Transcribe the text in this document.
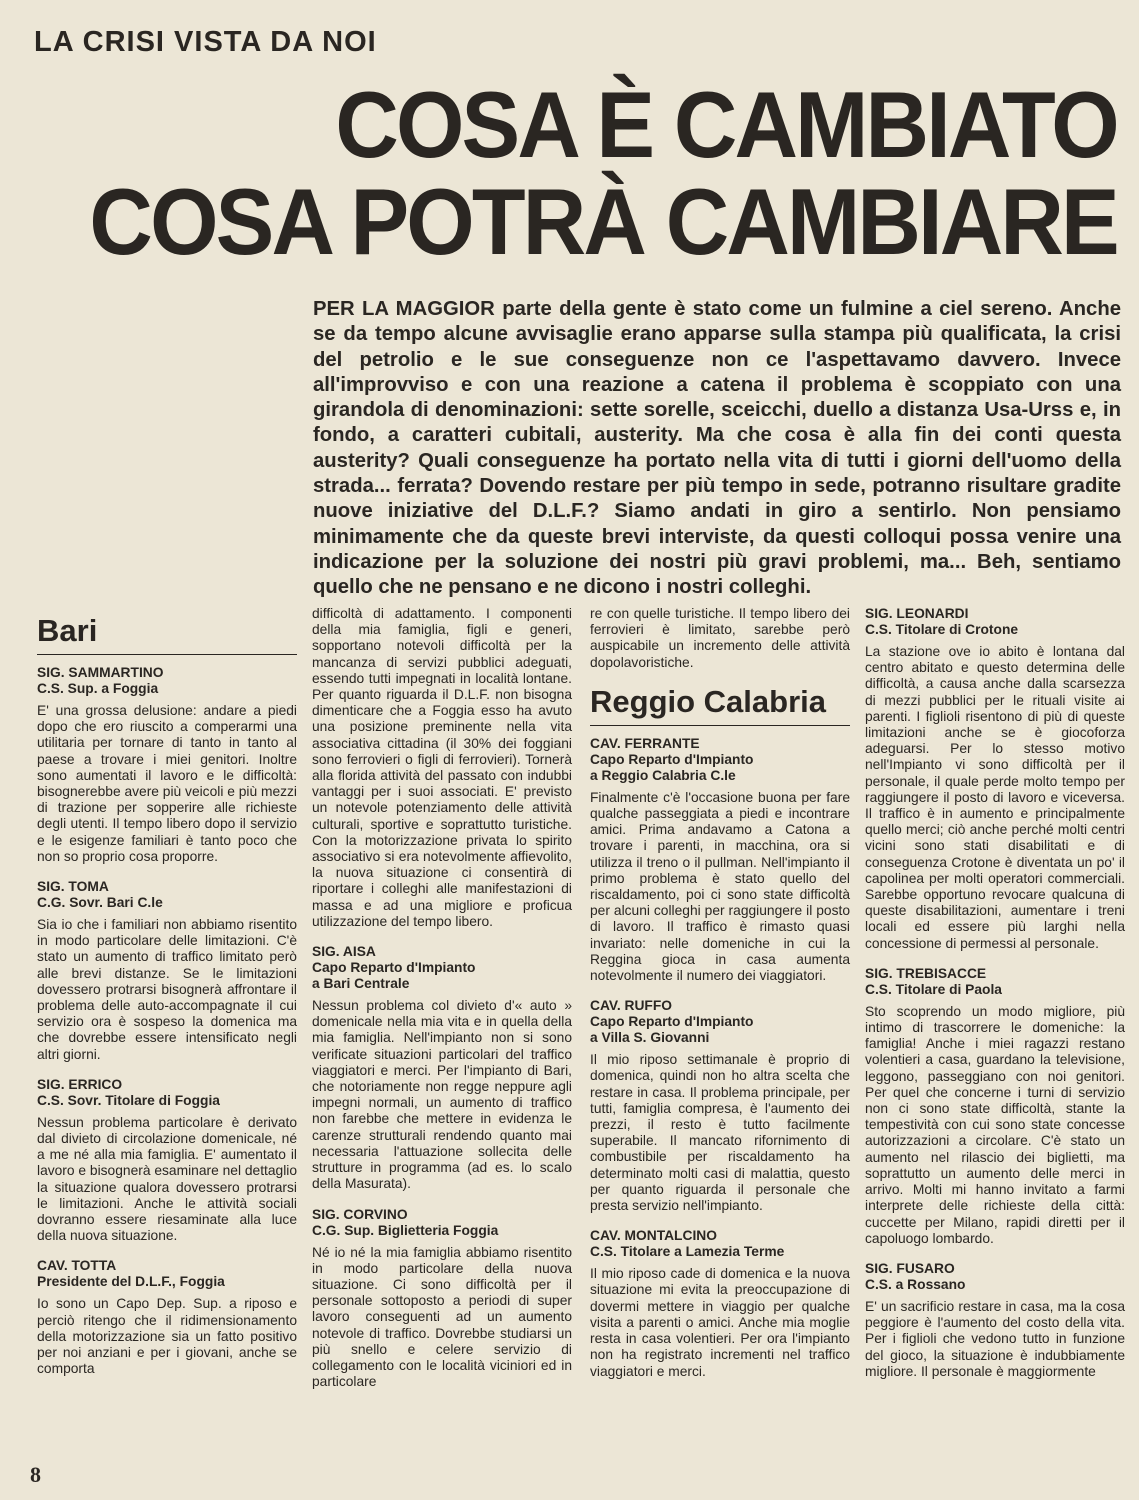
LA CRISI VISTA DA NOI
COSA È CAMBIATO
COSA POTRÀ CAMBIARE

PER LA MAGGIOR parte della gente è stato come un fulmine a ciel sereno. Anche se da tempo alcune avvisaglie erano apparse sulla stampa più qualificata, la crisi del petrolio e le sue conseguenze non ce l'aspettavamo davvero. Invece all'improvviso e con una reazione a catena il problema è scoppiato con una girandola di denominazioni: sette sorelle, sceicchi, duello a distanza Usa-Urss e, in fondo, a caratteri cubitali, austerity. Ma che cosa è alla fin dei conti questa austerity? Quali conseguenze ha portato nella vita di tutti i giorni dell'uomo della strada... ferrata? Dovendo restare per più tempo in sede, potranno risultare gradite nuove iniziative del D.L.F.? Siamo andati in giro a sentirlo. Non pensiamo minimamente che da queste brevi interviste, da questi colloqui possa venire una indicazione per la soluzione dei nostri più gravi problemi, ma... Beh, sentiamo quello che ne pensano e ne dicono i nostri colleghi.

Bari
SIG. SAMMARTINO
C.S. Sup. a Foggia

E' una grossa delusione: andare a piedi dopo che ero riuscito a comperarmi una utilitaria per tornare di tanto in tanto al paese a trovare i miei genitori. Inoltre sono aumentati il lavoro e le difficoltà: bisognerebbe avere più veicoli e più mezzi di trazione per sopperire alle richieste degli utenti. Il tempo libero dopo il servizio e le esigenze familiari è tanto poco che non so proprio cosa proporre.

SIG. TOMA
C.G. Sovr. Bari C.le

Sia io che i familiari non abbiamo risentito in modo particolare delle limitazioni. C'è stato un aumento di traffico limitato però alle brevi distanze. Se le limitazioni dovessero protrarsi bisognerà affrontare il problema delle auto-accompagnate il cui servizio ora è sospeso la domenica ma che dovrebbe essere intensificato negli altri giorni.

SIG. ERRICO
C.S. Sovr. Titolare di Foggia

Nessun problema particolare è derivato dal divieto di circolazione domenicale, né a me né alla mia famiglia. E' aumentato il lavoro e bisognerà esaminare nel dettaglio la situazione qualora dovessero protrarsi le limitazioni. Anche le attività sociali dovranno essere riesaminate alla luce della nuova situazione.

CAV. TOTTA
Presidente del D.L.F., Foggia

Io sono un Capo Dep. Sup. a riposo e perciò ritengo che il ridimensionamento della motorizzazione sia un fatto positivo per noi anziani e per i giovani, anche se comporta

difficoltà di adattamento. I componenti della mia famiglia, figli e generi, sopportano notevoli difficoltà per la mancanza di servizi pubblici adeguati, essendo tutti impegnati in località lontane. Per quanto riguarda il D.L.F. non bisogna dimenticare che a Foggia esso ha avuto una posizione preminente nella vita associativa cittadina (il 30% dei foggiani sono ferrovieri o figli di ferrovieri). Tornerà alla florida attività del passato con indubbi vantaggi per i suoi associati. E' previsto un notevole potenziamento delle attività culturali, sportive e soprattutto turistiche. Con la motorizzazione privata lo spirito associativo si era notevolmente affievolito, la nuova situazione ci consentirà di riportare i colleghi alle manifestazioni di massa e ad una migliore e proficua utilizzazione del tempo libero.

SIG. AISA
Capo Reparto d'Impianto
a Bari Centrale

Nessun problema col divieto d'« auto » domenicale nella mia vita e in quella della mia famiglia. Nell'impianto non si sono verificate situazioni particolari del traffico viaggiatori e merci. Per l'impianto di Bari, che notoriamente non regge neppure agli impegni normali, un aumento di traffico non farebbe che mettere in evidenza le carenze strutturali rendendo quanto mai necessaria l'attuazione sollecita delle strutture in programma (ad es. lo scalo della Masurata).

SIG. CORVINO
C.G. Sup. Biglietteria Foggia

Né io né la mia famiglia abbiamo risentito in modo particolare della nuova situazione. Ci sono difficoltà per il personale sottoposto a periodi di super lavoro conseguenti ad un aumento notevole di traffico. Dovrebbe studiarsi un più snello e celere servizio di collegamento con le località viciniori ed in particolare

re con quelle turistiche. Il tempo libero dei ferrovieri è limitato, sarebbe però auspicabile un incremento delle attività dopolavoristiche.

Reggio Calabria
CAV. FERRANTE
Capo Reparto d'Impianto
a Reggio Calabria C.le

Finalmente c'è l'occasione buona per fare qualche passeggiata a piedi e incontrare amici. Prima andavamo a Catona a trovare i parenti, in macchina, ora si utilizza il treno o il pullman. Nell'impianto il primo problema è stato quello del riscaldamento, poi ci sono state difficoltà per alcuni colleghi per raggiungere il posto di lavoro. Il traffico è rimasto quasi invariato: nelle domeniche in cui la Reggina gioca in casa aumenta notevolmente il numero dei viaggiatori.

CAV. RUFFO
Capo Reparto d'Impianto
a Villa S. Giovanni

Il mio riposo settimanale è proprio di domenica, quindi non ho altra scelta che restare in casa. Il problema principale, per tutti, famiglia compresa, è l'aumento dei prezzi, il resto è tutto facilmente superabile. Il mancato rifornimento di combustibile per riscaldamento ha determinato molti casi di malattia, questo per quanto riguarda il personale che presta servizio nell'impianto.

CAV. MONTALCINO
C.S. Titolare a Lamezia Terme

Il mio riposo cade di domenica e la nuova situazione mi evita la preoccupazione di dovermi mettere in viaggio per qualche visita a parenti o amici. Anche mia moglie resta in casa volentieri. Per ora l'impianto non ha registrato incrementi nel traffico viaggiatori e merci.

SIG. LEONARDI
C.S. Titolare di Crotone

La stazione ove io abito è lontana dal centro abitato e questo determina delle difficoltà, a causa anche dalla scarsezza di mezzi pubblici per le rituali visite ai parenti. I figlioli risentono di più di queste limitazioni anche se è giocoforza adeguarsi. Per lo stesso motivo nell'Impianto vi sono difficoltà per il personale, il quale perde molto tempo per raggiungere il posto di lavoro e viceversa. Il traffico è in aumento e principalmente quello merci; ciò anche perché molti centri vicini sono stati disabilitati e di conseguenza Crotone è diventata un po' il capolinea per molti operatori commerciali. Sarebbe opportuno revocare qualcuna di queste disabilitazioni, aumentare i treni locali ed essere più larghi nella concessione di permessi al personale.

SIG. TREBISACCE
C.S. Titolare di Paola

Sto scoprendo un modo migliore, più intimo di trascorrere le domeniche: la famiglia! Anche i miei ragazzi restano volentieri a casa, guardano la televisione, leggono, passeggiano con noi genitori. Per quel che concerne i turni di servizio non ci sono state difficoltà, stante la tempestività con cui sono state concesse autorizzazioni a circolare. C'è stato un aumento nel rilascio dei biglietti, ma soprattutto un aumento delle merci in arrivo. Molti mi hanno invitato a farmi interprete delle richieste della città: cuccette per Milano, rapidi diretti per il capoluogo lombardo.

SIG. FUSARO
C.S. a Rossano

E' un sacrificio restare in casa, ma la cosa peggiore è l'aumento del costo della vita. Per i figlioli che vedono tutto in funzione del gioco, la situazione è indubbiamente migliore. Il personale è maggiormente

8
